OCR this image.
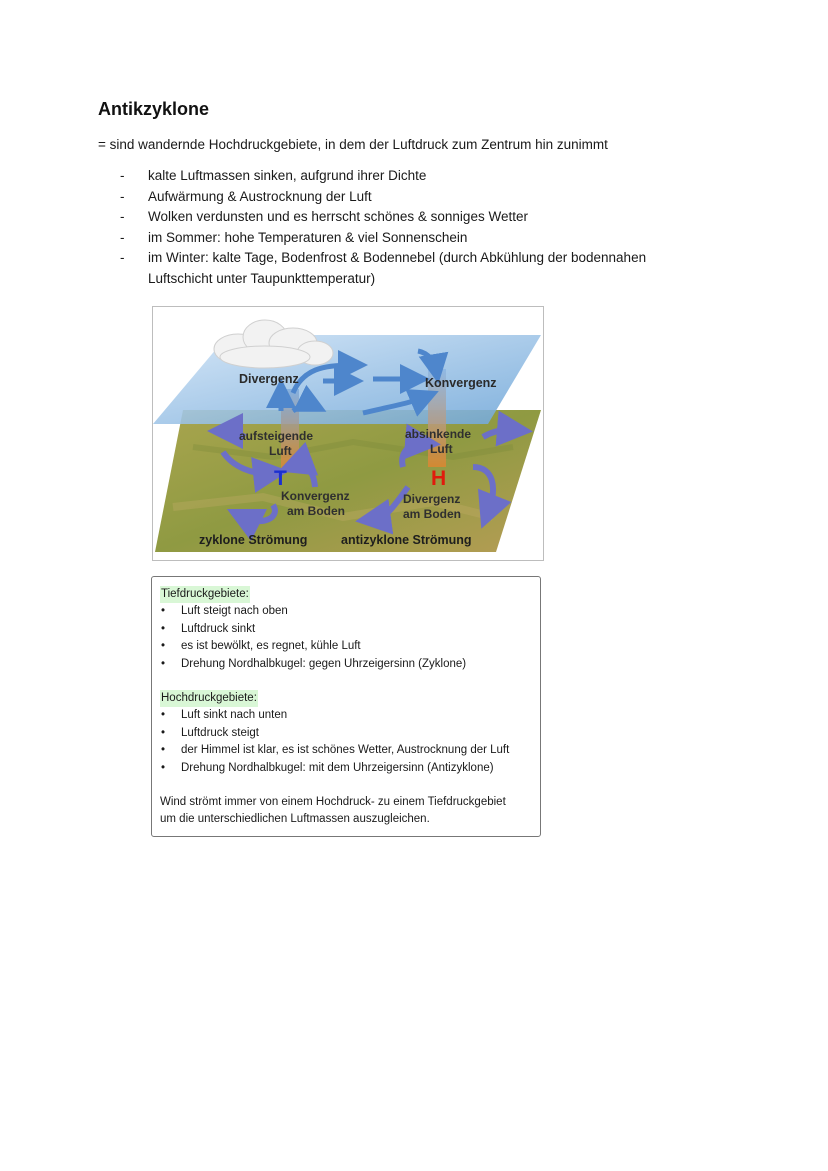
Antikzyklone

= sind wandernde Hochdruckgebiete, in dem der Luftdruck zum Zentrum hin zunimmt

- kalte Luftmassen sinken, aufgrund ihrer Dichte
- Aufwärmung & Austrocknung der Luft
- Wolken verdunsten und es herrscht schönes & sonniges Wetter
- im Sommer: hohe Temperaturen & viel Sonnenschein
- im Winter: kalte Tage, Bodenfrost & Bodennebel (durch Abkühlung der bodennahen
Luftschicht unter Taupunkttemperatur)
Divergenz	Konvergenz
aufsteigende
Luft
absinkende
Luft
T	H
Konvergenz
am Boden
Divergenz
am Boden
zyklone Strömung	antizyklone Strömung
Tiefdruckgebiete:
• Luft steigt nach oben
• Luftdruck sinkt
• es ist bewölkt, es regnet, kühle Luft
• Drehung Nordhalbkugel: gegen Uhrzeigersinn (Zyklone)
Hochdruckgebiete:
• Luft sinkt nach unten
• Luftdruck steigt
• der Himmel ist klar, es ist schönes Wetter, Austrocknung der Luft
• Drehung Nordhalbkugel: mit dem Uhrzeigersinn (Antizyklone)

Wind strömt immer von einem Hochdruck- zu einem Tiefdruckgebiet
um die unterschiedlichen Luftmassen auszugleichen.
